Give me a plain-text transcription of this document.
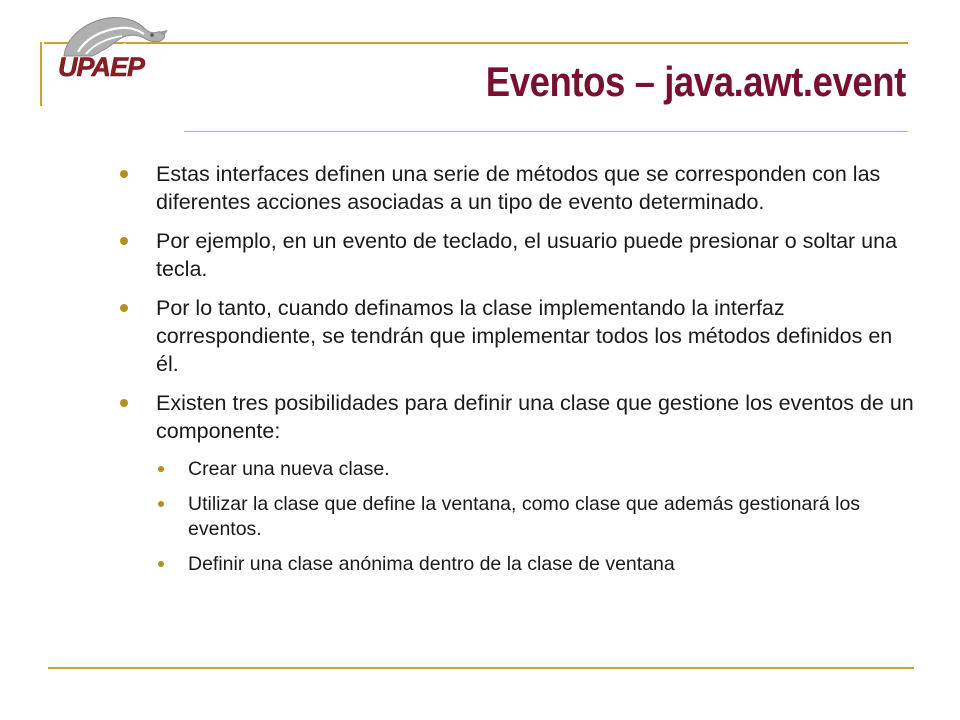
UPAEP	Eventos – java.awt.event
Estas interfaces definen una serie de métodos que se corresponden con las diferentes acciones asociadas a un tipo de evento determinado.
Por ejemplo, en un evento de teclado, el usuario puede presionar o soltar una tecla.
Por lo tanto, cuando definamos la clase implementando la interfaz correspondiente, se tendrán que implementar todos los métodos definidos en él.
Existen tres posibilidades para definir una clase que gestione los eventos de un componente:
Crear una nueva clase.
Utilizar la clase que define la ventana, como clase que además gestionará los eventos.
Definir una clase anónima dentro de la clase de ventana
